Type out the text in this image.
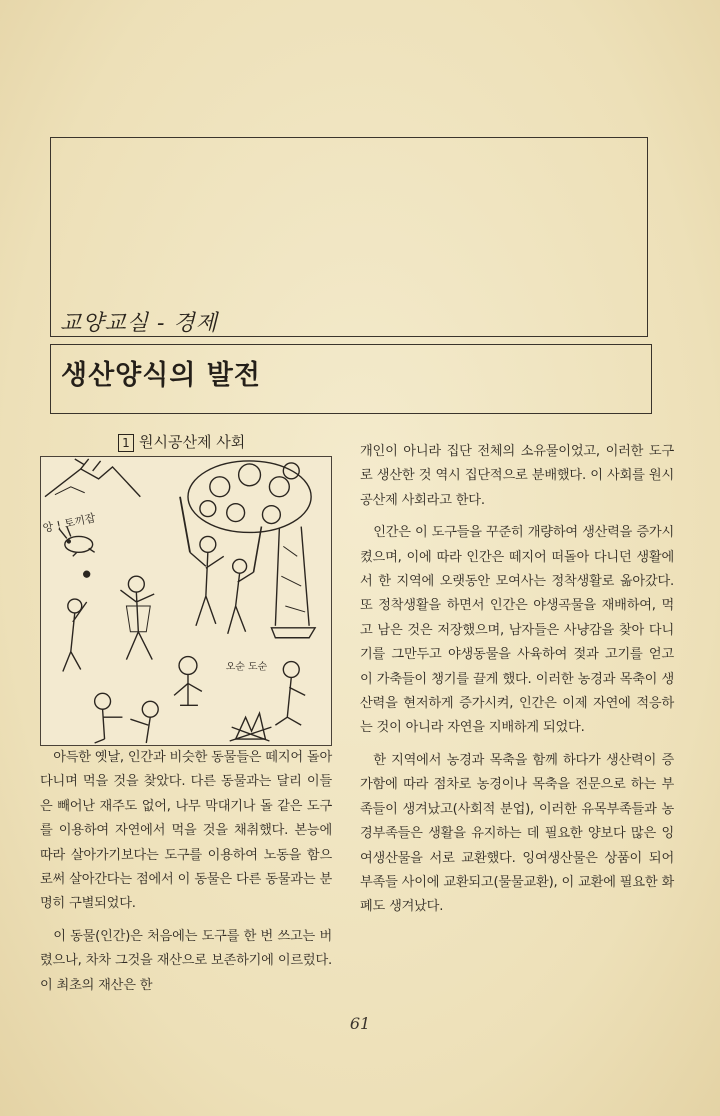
교양교실 - 경제
생산양식의 발전
1 원시공산제 사회
앙 ! 토끼잡
오순 도순

아득한 옛날, 인간과 비슷한 동물들은 떼지어 돌아다니며 먹을 것을 찾았다. 다른 동물과는 달리 이들은 빼어난 재주도 없어, 나무 막대기나 돌 같은 도구를 이용하여 자연에서 먹을 것을 채취했다. 본능에 따라 살아가기보다는 도구를 이용하여 노동을 함으로써 살아간다는 점에서 이 동물은 다른 동물과는 분명히 구별되었다.

이 동물(인간)은 처음에는 도구를 한 번 쓰고는 버렸으나, 차차 그것을 재산으로 보존하기에 이르렀다. 이 최초의 재산은 한

개인이 아니라 집단 전체의 소유물이었고, 이러한 도구로 생산한 것 역시 집단적으로 분배했다. 이 사회를 원시공산제 사회라고 한다.

인간은 이 도구들을 꾸준히 개량하여 생산력을 증가시켰으며, 이에 따라 인간은 떼지어 떠돌아 다니던 생활에서 한 지역에 오랫동안 모여사는 정착생활로 옮아갔다. 또 정착생활을 하면서 인간은 야생곡물을 재배하여, 먹고 남은 것은 저장했으며, 남자들은 사냥감을 찾아 다니기를 그만두고 야생동물을 사육하여 젖과 고기를 얻고 이 가축들이 챙기를 끌게 했다. 이러한 농경과 목축이 생산력을 현저하게 증가시켜, 인간은 이제 자연에 적응하는 것이 아니라 자연을 지배하게 되었다.

한 지역에서 농경과 목축을 함께 하다가 생산력이 증가함에 따라 점차로 농경이나 목축을 전문으로 하는 부족들이 생겨났고(사회적 분업), 이러한 유목부족들과 농경부족들은 생활을 유지하는 데 필요한 양보다 많은 잉여생산물을 서로 교환했다. 잉여생산물은 상품이 되어 부족들 사이에 교환되고(물물교환), 이 교환에 필요한 화폐도 생겨났다.

61
